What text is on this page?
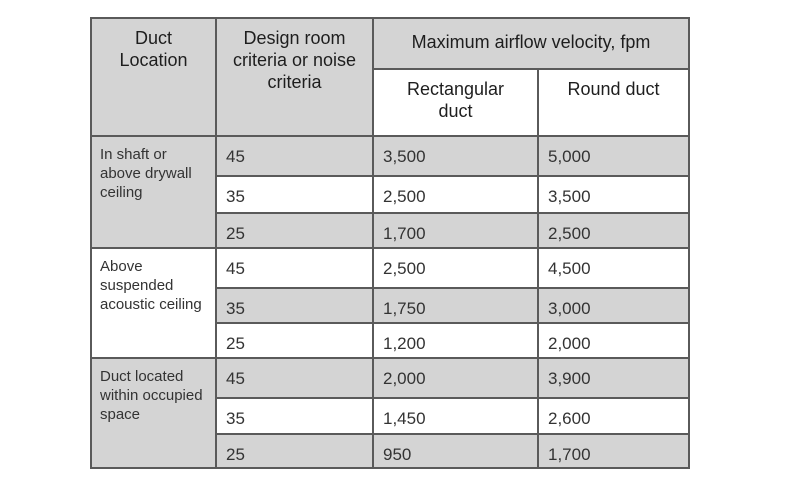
Duct Location	Design room criteria or noise criteria	Maximum airflow velocity, fpm	
		Rectangular duct	Round duct
In shaft or above drywall ceiling	45	3,500	5,000
	35	2,500	3,500
	25	1,700	2,500
Above suspended acoustic ceiling	45	2,500	4,500
	35	1,750	3,000
	25	1,200	2,000
Duct located within occupied space	45	2,000	3,900
	35	1,450	2,600
	25	950	1,700
